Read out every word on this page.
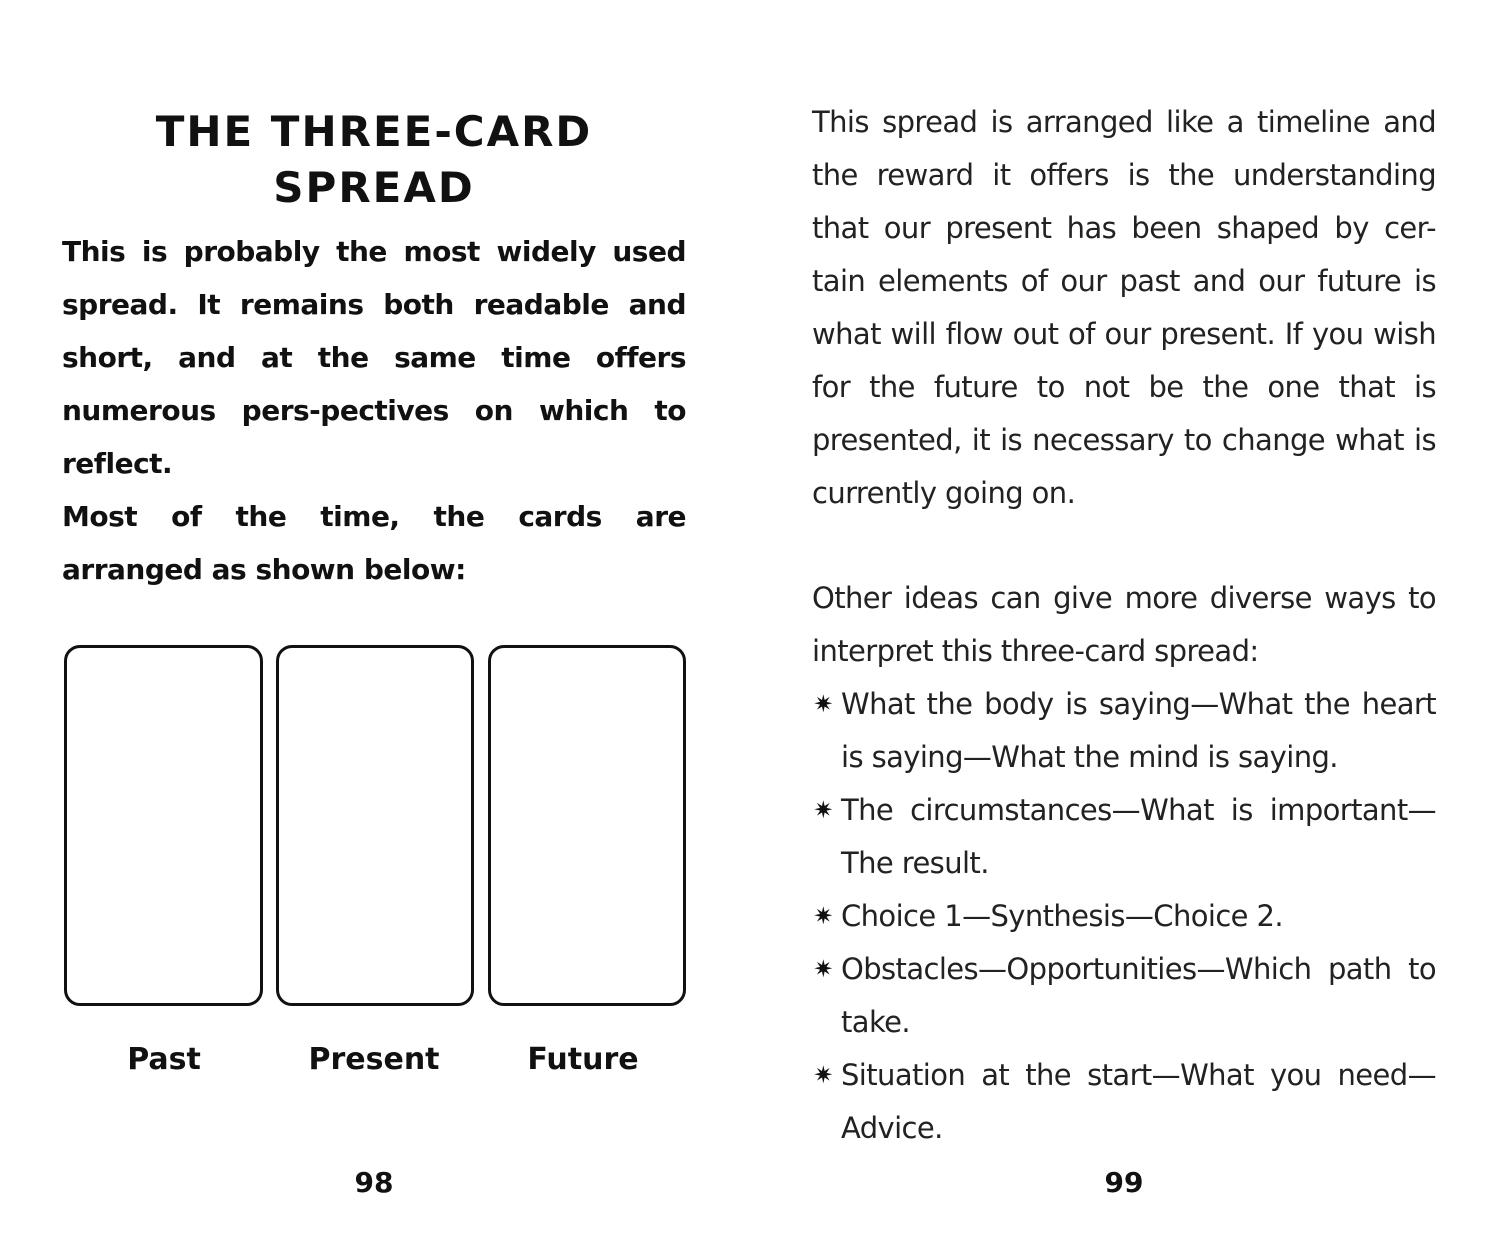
THE THREE-CARD SPREAD

This is probably the most widely used spread. It remains both readable and short, and at the same time offers numerous pers-pectives on which to reflect.

Most of the time, the cards are arranged as shown below:

Past	Present	Future
98

This spread is arranged like a timeline and the reward it offers is the understanding that our present has been shaped by cer-tain elements of our past and our future is what will flow out of our present. If you wish for the future to not be the one that is presented, it is necessary to change what is currently going on.

Other ideas can give more diverse ways to interpret this three-card spread:

✷ What the body is saying—What the heart is saying—What the mind is saying.
✷ The circumstances—What is important—The result.
✷ Choice 1—Synthesis—Choice 2.
✷ Obstacles—Opportunities—Which path to take.
✷ Situation at the start—What you need—Advice.
99
